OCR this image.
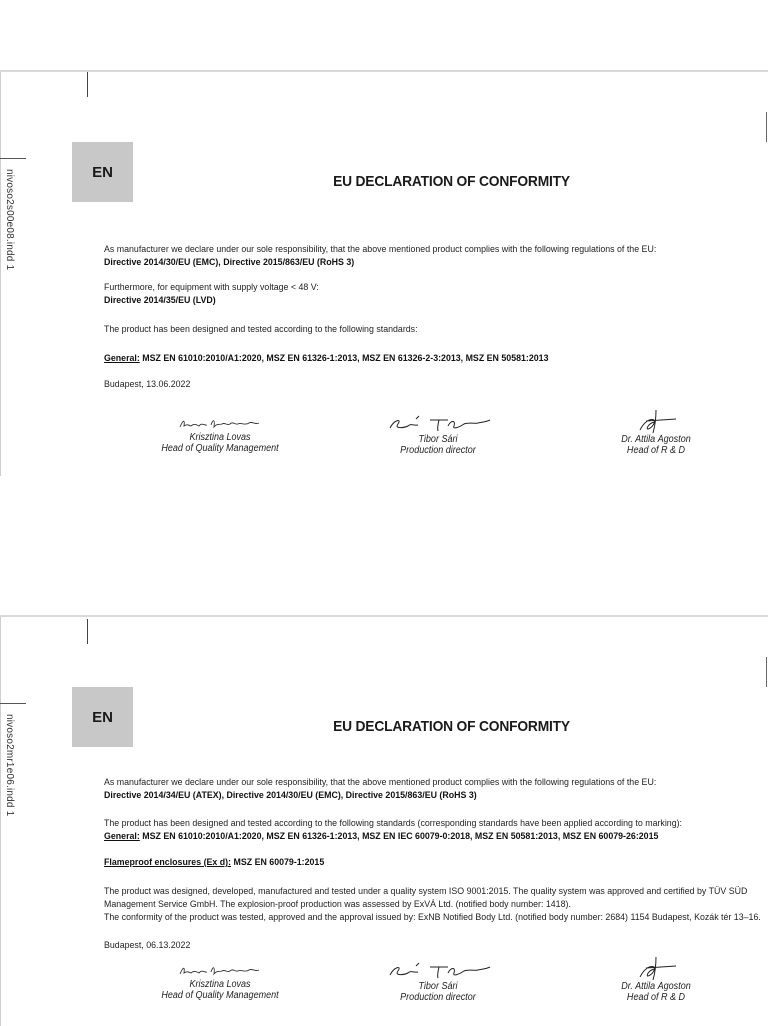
nivoso2s00e08.indd 1	EN
EU DECLARATION OF CONFORMITY
As manufacturer we declare under our sole responsibility, that the above mentioned product complies with the following regulations of the EU:
Directive 2014/30/EU (EMC), Directive 2015/863/EU (RoHS 3)
Furthermore, for equipment with supply voltage < 48 V:
Directive 2014/35/EU (LVD)
The product has been designed and tested according to the following standards:
General: MSZ EN 61010:2010/A1:2020, MSZ EN 61326-1:2013, MSZ EN 61326-2-3:2013, MSZ EN 50581:2013
Budapest, 13.06.2022
Krisztina Lovas
Head of Quality Management
Tibor Sári
Production director
Dr. Attila Ágoston
Head of R & D
nivoso2mr1e06.indd 1	EN
EU DECLARATION OF CONFORMITY
As manufacturer we declare under our sole responsibility, that the above mentioned product complies with the following regulations of the EU:
Directive 2014/34/EU (ATEX), Directive 2014/30/EU (EMC), Directive 2015/863/EU (RoHS 3)
The product has been designed and tested according to the following standards (corresponding standards have been applied according to marking):
General: MSZ EN 61010:2010/A1:2020, MSZ EN 61326-1:2013, MSZ EN IEC 60079-0:2018, MSZ EN 50581:2013, MSZ EN 60079-26:2015
Flameproof enclosures (Ex d): MSZ EN 60079-1:2015
The product was designed, developed, manufactured and tested under a quality system ISO 9001:2015. The quality system was approved and certified by TÜV SÜD
Management Service GmbH. The explosion-proof production was assessed by ExVÁ Ltd. (notified body number: 1418).
The conformity of the product was tested, approved and the approval issued by: ExNB Notified Body Ltd. (notified body number: 2684) 1154 Budapest, Kozák tér 13–16.
Budapest, 06.13.2022
Krisztina Lovas
Head of Quality Management
Tibor Sári
Production director
Dr. Attila Ágoston
Head of R & D
